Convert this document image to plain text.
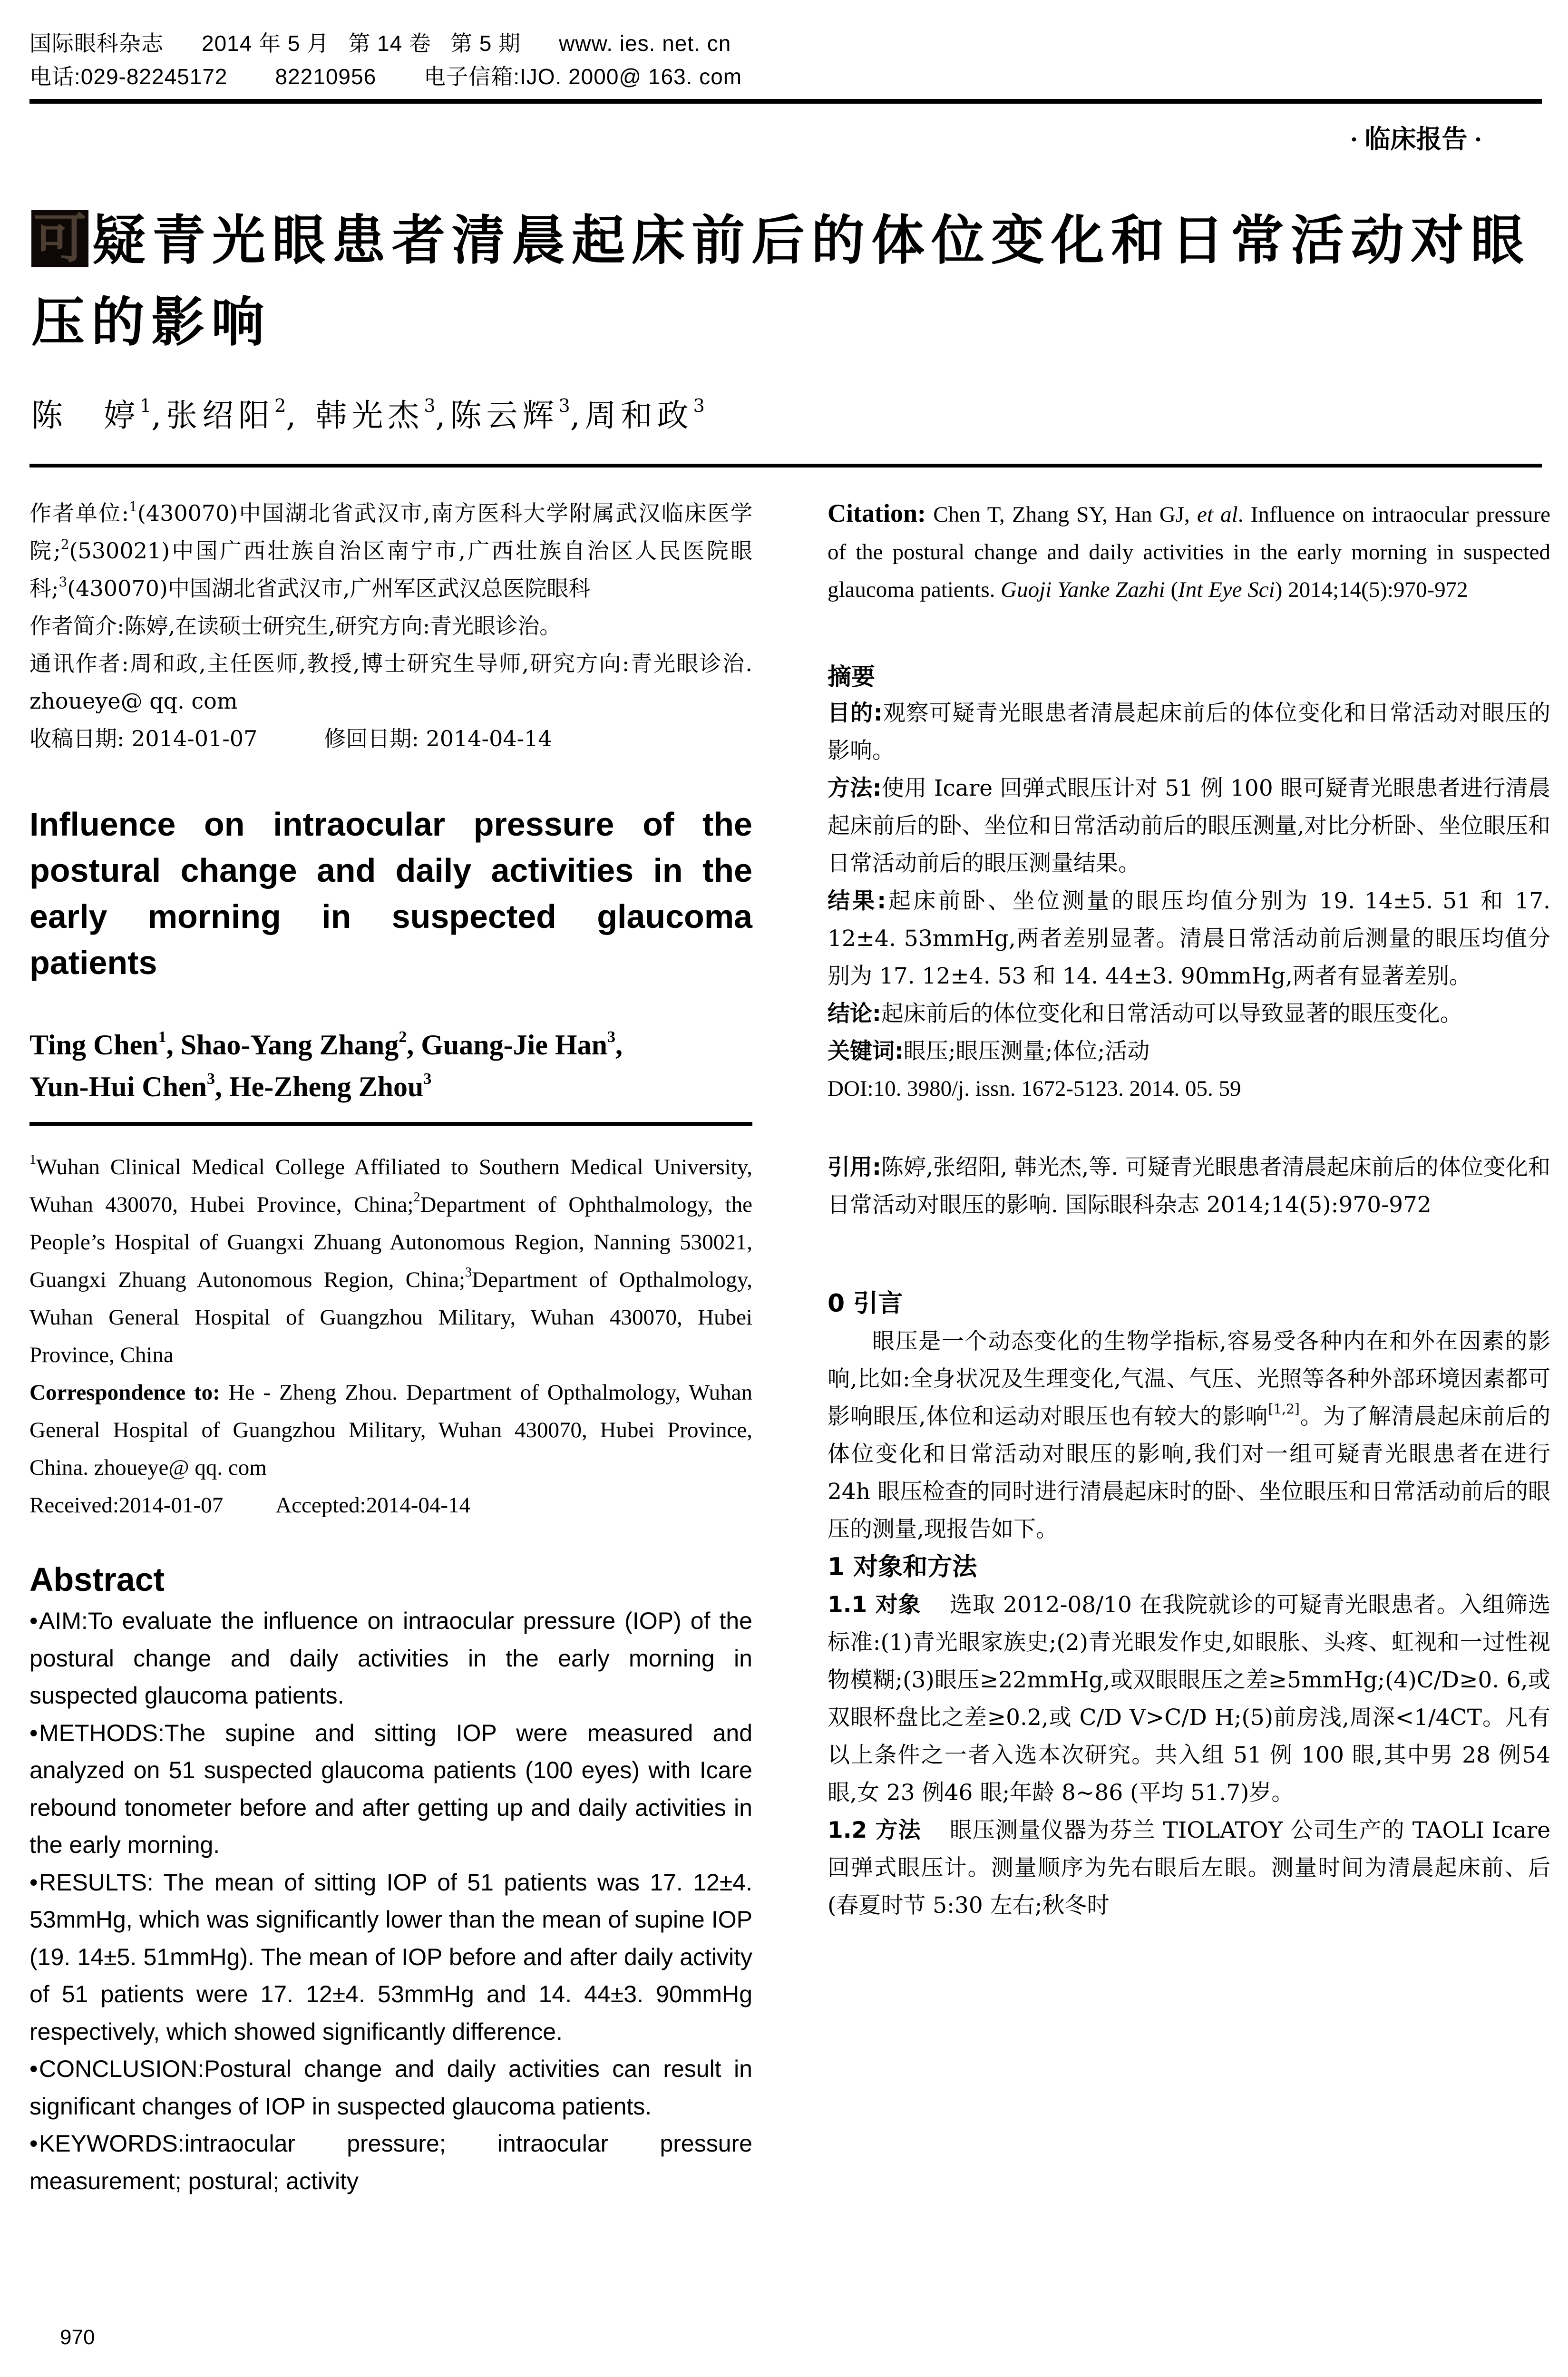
国际眼科杂志 2014 年 5 月 第 14 卷 第 5 期 www. ies. net. cn
电话:029-82245172 82210956 电子信箱:IJO. 2000@ 163. com
· 临床报告 ·
可 疑青光眼患者清晨起床前后的体位变化和日常活动对眼压的影响
陈　婷$^1$,张绍阳$^2$, 韩光杰$^3$,陈云辉$^3$,周和政$^3$
作者单位:$^1$(430070)中国湖北省武汉市,南方医科大学附属武汉临床医学院;$^2$(530021)中国广西壮族自治区南宁市,广西壮族自治区人民医院眼科;$^3$(430070)中国湖北省武汉市,广州军区武汉总医院眼科
作者简介:陈婷,在读硕士研究生,研究方向:青光眼诊治。
通讯作者:周和政,主任医师,教授,博士研究生导师,研究方向:青光眼诊治. zhoueye@ qq. com
收稿日期: 2014-01-07	修回日期: 2014-04-14
Influence on intraocular pressure of the postural change and daily activities in the early morning in suspected glaucoma patients
Ting Chen$^1$, Shao-Yang Zhang$^2$, Guang-Jie Han$^3$,
Yun-Hui Chen$^3$, He-Zheng Zhou$^3$
$^1$Wuhan Clinical Medical College Affiliated to Southern Medical University, Wuhan 430070, Hubei Province, China;$^2$Department of Ophthalmology, the People’s Hospital of Guangxi Zhuang Autonomous Region, Nanning 530021, Guangxi Zhuang Autonomous Region, China;$^3$Department of Opthalmology, Wuhan General Hospital of Guangzhou Military, Wuhan 430070, Hubei Province, China
Correspondence to: He - Zheng Zhou. Department of Opthalmology, Wuhan General Hospital of Guangzhou Military, Wuhan 430070, Hubei Province, China. zhoueye@ qq. com
Received:2014-01-07 Accepted:2014-04-14
Abstract

•AIM:To evaluate the influence on intraocular pressure (IOP) of the postural change and daily activities in the early morning in suspected glaucoma patients.

•METHODS:The supine and sitting IOP were measured and analyzed on 51 suspected glaucoma patients (100 eyes) with Icare rebound tonometer before and after getting up and daily activities in the early morning.

•RESULTS: The mean of sitting IOP of 51 patients was 17. 12±4. 53mmHg, which was significantly lower than the mean of supine IOP (19. 14±5. 51mmHg). The mean of IOP before and after daily activity of 51 patients were 17. 12±4. 53mmHg and 14. 44±3. 90mmHg respectively, which showed significantly difference.

•CONCLUSION:Postural change and daily activities can result in significant changes of IOP in suspected glaucoma patients.

•KEYWORDS:intraocular pressure; intraocular pressure measurement; postural; activity

Citation: Chen T, Zhang SY, Han GJ, et al. Influence on intraocular pressure of the postural change and daily activities in the early morning in suspected glaucoma patients. Guoji Yanke Zazhi (Int Eye Sci) 2014;14(5):970-972

摘要
目的:观察可疑青光眼患者清晨起床前后的体位变化和日常活动对眼压的影响。
方法:使用 Icare 回弹式眼压计对 51 例 100 眼可疑青光眼患者进行清晨起床前后的卧、坐位和日常活动前后的眼压测量,对比分析卧、坐位眼压和日常活动前后的眼压测量结果。
结果:起床前卧、坐位测量的眼压均值分别为 19. 14±5. 51 和 17. 12±4. 53mmHg,两者差别显著。清晨日常活动前后测量的眼压均值分别为 17. 12±4. 53 和 14. 44±3. 90mmHg,两者有显著差别。
结论:起床前后的体位变化和日常活动可以导致显著的眼压变化。
关键词:眼压;眼压测量;体位;活动
DOI:10. 3980/j. issn. 1672-5123. 2014. 05. 59
引用:陈婷,张绍阳, 韩光杰,等. 可疑青光眼患者清晨起床前后的体位变化和日常活动对眼压的影响. 国际眼科杂志 2014;14(5):970-972
0 引言

眼压是一个动态变化的生物学指标,容易受各种内在和外在因素的影响,比如:全身状况及生理变化,气温、气压、光照等各种外部环境因素都可影响眼压,体位和运动对眼压也有较大的影响[1,2]。为了解清晨起床前后的体位变化和日常活动对眼压的影响,我们对一组可疑青光眼患者在进行 24h 眼压检查的同时进行清晨起床时的卧、坐位眼压和日常活动前后的眼压的测量,现报告如下。

1 对象和方法

1.1 对象 选取 2012-08/10 在我院就诊的可疑青光眼患者。入组筛选标准:(1)青光眼家族史;(2)青光眼发作史,如眼胀、头疼、虹视和一过性视物模糊;(3)眼压≥22mmHg,或双眼眼压之差≥5mmHg;(4)C/D≥0. 6,或双眼杯盘比之差≥0.2,或 C/D V>C/D H;(5)前房浅,周深<1/4CT。凡有以上条件之一者入选本次研究。共入组 51 例 100 眼,其中男 28 例54 眼,女 23 例46 眼;年龄 8~86 (平均 51.7)岁。

1.2 方法 眼压测量仪器为芬兰 TIOLATOY 公司生产的 TAOLI Icare 回弹式眼压计。测量顺序为先右眼后左眼。测量时间为清晨起床前、后(春夏时节 5:30 左右;秋冬时

970
